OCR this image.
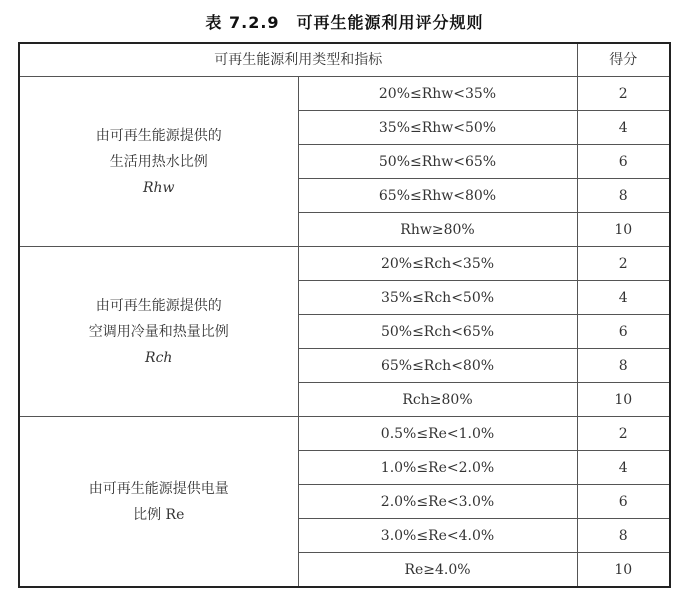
表 7.2.9　可再生能源利用评分规则
可再生能源利用类型和指标		得分

由可再生能源提供的
生活用热水比例
Rhw	20%≤Rhw<35%	2
	35%≤Rhw<50%	4
	50%≤Rhw<65%	6
	65%≤Rhw<80%	8
	Rhw≥80%	10

由可再生能源提供的
空调用冷量和热量比例
Rch	20%≤Rch<35%	2
	35%≤Rch<50%	4
	50%≤Rch<65%	6
	65%≤Rch<80%	8
	Rch≥80%	10

由可再生能源提供电量
比例 Re	0.5%≤Re<1.0%	2
	1.0%≤Re<2.0%	4
	2.0%≤Re<3.0%	6
	3.0%≤Re<4.0%	8
	Re≥4.0%	10
